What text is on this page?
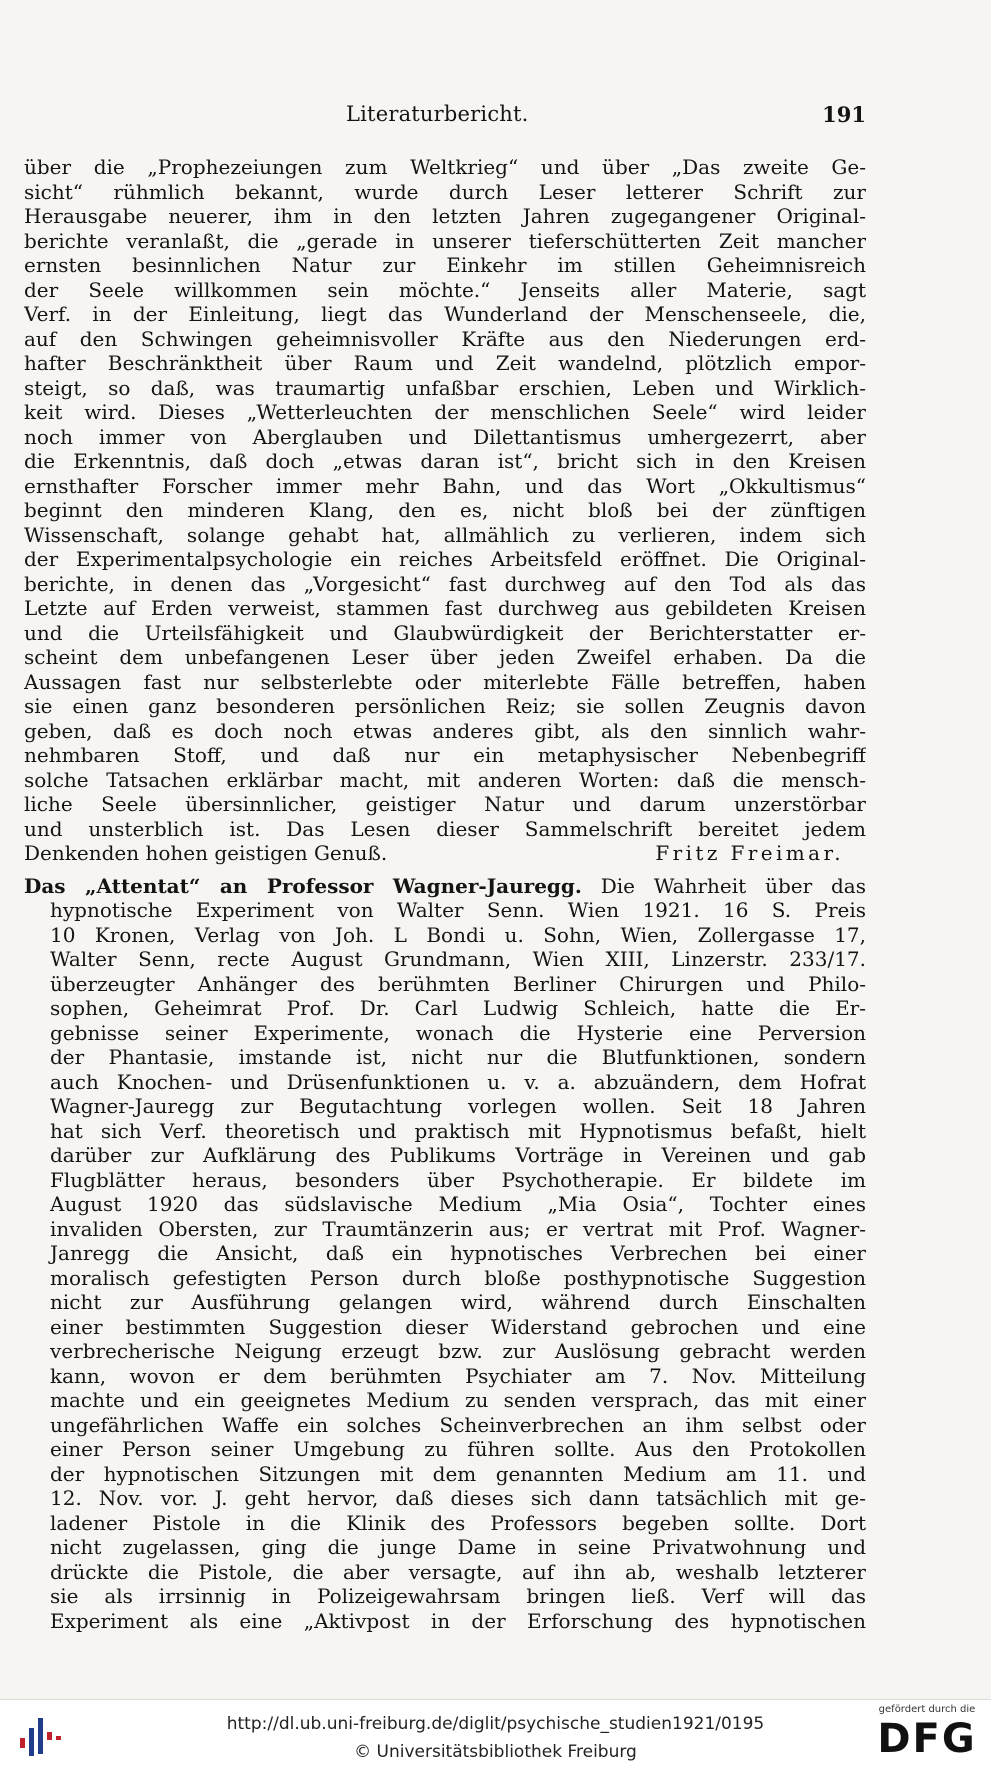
Literaturbericht.	191
über die „Prophezeiungen zum Weltkrieg“ und über „Das zweite Ge-
sicht“ rühmlich bekannt, wurde durch Leser letterer Schrift zur
Herausgabe neuerer, ihm in den letzten Jahren zugegangener Original-
berichte veranlaßt, die „gerade in unserer tieferschütterten Zeit mancher
ernsten besinnlichen Natur zur Einkehr im stillen Geheimnisreich
der Seele willkommen sein möchte.“ Jenseits aller Materie, sagt
Verf. in der Einleitung, liegt das Wunderland der Menschenseele, die,
auf den Schwingen geheimnisvoller Kräfte aus den Niederungen erd-
hafter Beschränktheit über Raum und Zeit wandelnd, plötzlich empor-
steigt, so daß, was traumartig unfaßbar erschien, Leben und Wirklich-
keit wird. Dieses „Wetterleuchten der menschlichen Seele“ wird leider
noch immer von Aberglauben und Dilettantismus umhergezerrt, aber
die Erkenntnis, daß doch „etwas daran ist“, bricht sich in den Kreisen
ernsthafter Forscher immer mehr Bahn, und das Wort „Okkultismus“
beginnt den minderen Klang, den es, nicht bloß bei der zünftigen
Wissenschaft, solange gehabt hat, allmählich zu verlieren, indem sich
der Experimentalpsychologie ein reiches Arbeitsfeld eröffnet. Die Original-
berichte, in denen das „Vorgesicht“ fast durchweg auf den Tod als das
Letzte auf Erden verweist, stammen fast durchweg aus gebildeten Kreisen
und die Urteilsfähigkeit und Glaubwürdigkeit der Berichterstatter er-
scheint dem unbefangenen Leser über jeden Zweifel erhaben. Da die
Aussagen fast nur selbsterlebte oder miterlebte Fälle betreffen, haben
sie einen ganz besonderen persönlichen Reiz; sie sollen Zeugnis davon
geben, daß es doch noch etwas anderes gibt, als den sinnlich wahr-
nehmbaren Stoff, und daß nur ein metaphysischer Nebenbegriff
solche Tatsachen erklärbar macht, mit anderen Worten: daß die mensch-
liche Seele übersinnlicher, geistiger Natur und darum unzerstörbar
und unsterblich ist. Das Lesen dieser Sammelschrift bereitet jedem
Denkenden hohen geistigen Genuß.	Fritz Freimar.
Das „Attentat“ an Professor Wagner-Jauregg. Die Wahrheit über das
hypnotische Experiment von Walter Senn. Wien 1921. 16 S. Preis
10 Kronen, Verlag von Joh. L Bondi u. Sohn, Wien, Zollergasse 17,
Walter Senn, recte August Grundmann, Wien XIII, Linzerstr. 233/17.
überzeugter Anhänger des berühmten Berliner Chirurgen und Philo-
sophen, Geheimrat Prof. Dr. Carl Ludwig Schleich, hatte die Er-
gebnisse seiner Experimente, wonach die Hysterie eine Perversion
der Phantasie, imstande ist, nicht nur die Blutfunktionen, sondern
auch Knochen- und Drüsenfunktionen u. v. a. abzuändern, dem Hofrat
Wagner-Jauregg zur Begutachtung vorlegen wollen. Seit 18 Jahren
hat sich Verf. theoretisch und praktisch mit Hypnotismus befaßt, hielt
darüber zur Aufklärung des Publikums Vorträge in Vereinen und gab
Flugblätter heraus, besonders über Psychotherapie. Er bildete im
August 1920 das südslavische Medium „Mia Osia“, Tochter eines
invaliden Obersten, zur Traumtänzerin aus; er vertrat mit Prof. Wagner-
Janregg die Ansicht, daß ein hypnotisches Verbrechen bei einer
moralisch gefestigten Person durch bloße posthypnotische Suggestion
nicht zur Ausführung gelangen wird, während durch Einschalten
einer bestimmten Suggestion dieser Widerstand gebrochen und eine
verbrecherische Neigung erzeugt bzw. zur Auslösung gebracht werden
kann, wovon er dem berühmten Psychiater am 7. Nov. Mitteilung
machte und ein geeignetes Medium zu senden versprach, das mit einer
ungefährlichen Waffe ein solches Scheinverbrechen an ihm selbst oder
einer Person seiner Umgebung zu führen sollte. Aus den Protokollen
der hypnotischen Sitzungen mit dem genannten Medium am 11. und
12. Nov. vor. J. geht hervor, daß dieses sich dann tatsächlich mit ge-
ladener Pistole in die Klinik des Professors begeben sollte. Dort
nicht zugelassen, ging die junge Dame in seine Privatwohnung und
drückte die Pistole, die aber versagte, auf ihn ab, weshalb letzterer
sie als irrsinnig in Polizeigewahrsam bringen ließ. Verf will das
Experiment als eine „Aktivpost in der Erforschung des hypnotischen
http://dl.ub.uni-freiburg.de/diglit/psychische_studien1921/0195
© Universitätsbibliothek Freiburg
gefördert durch die
DFG
